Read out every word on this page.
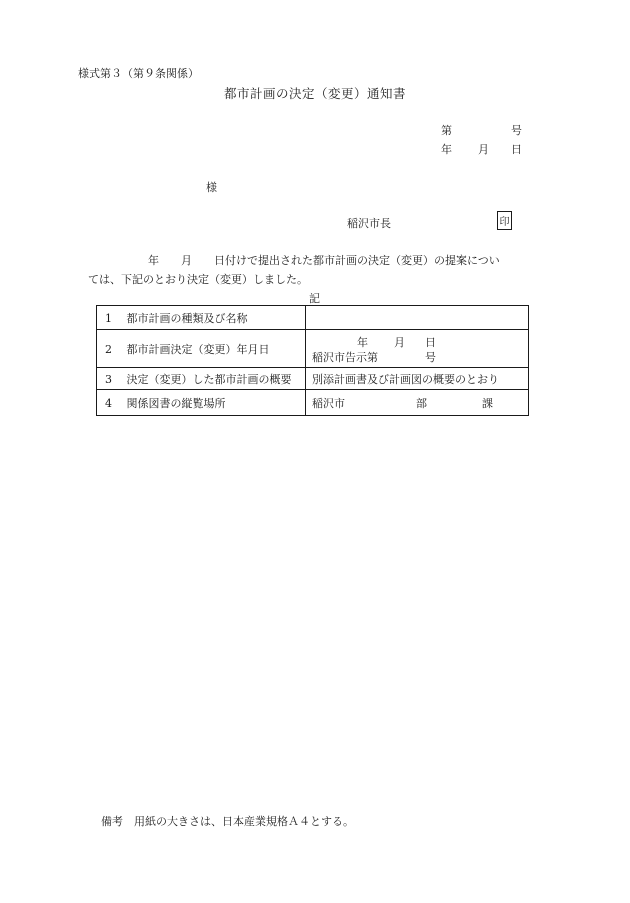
様式第３（第９条関係）
都市計画の決定（変更）通知書
第	号
年 月 日
様
稲沢市長	印
年　　月　　日付けで提出された都市計画の決定（変更）の提案につい
ては、下記のとおり決定（変更）しました。
記
1 都市計画の種類及び名称	
2 都市計画決定（変更）年月日	年 月 日
稲沢市告示第 号

3 決定（変更）した都市計画の概要	別添計画書及び計画図の概要のとおり
4 関係図書の縦覧場所	稲沢市 部 課
備考　用紙の大きさは、日本産業規格Ａ４とする。
